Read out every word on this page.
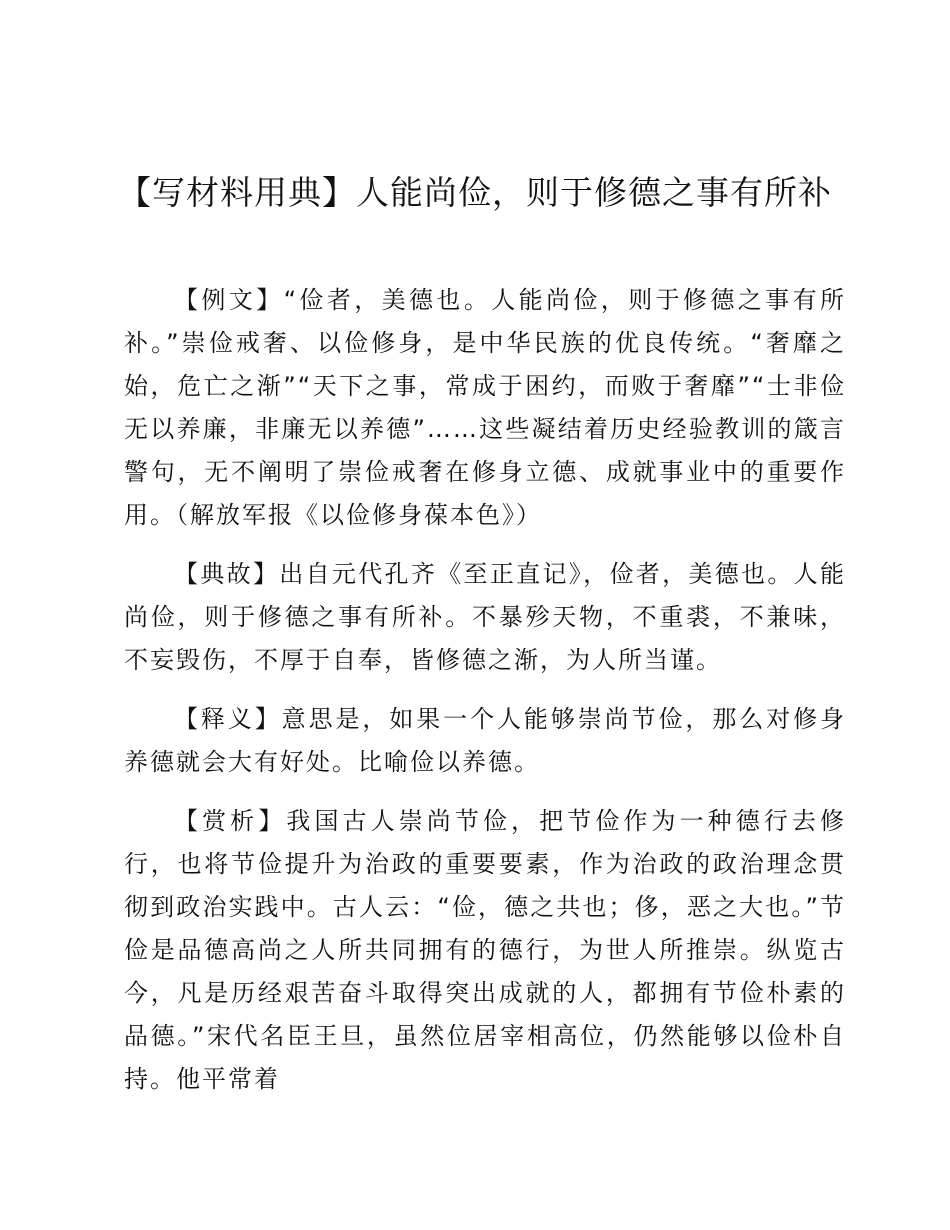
【写材料用典】人能尚俭，则于修德之事有所补

【例文】“俭者，美德也。人能尚俭，则于修德之事有所补。”崇俭戒奢、以俭修身，是中华民族的优良传统。“奢靡之始，危亡之渐”“天下之事，常成于困约，而败于奢靡”“士非俭无以养廉，非廉无以养德”……这些凝结着历史经验教训的箴言警句，无不阐明了崇俭戒奢在修身立德、成就事业中的重要作用。（解放军报《以俭修身葆本色》）

【典故】出自元代孔齐《至正直记》，俭者，美德也。人能尚俭，则于修德之事有所补。不暴殄天物，不重裘，不兼味，不妄毁伤，不厚于自奉，皆修德之渐，为人所当谨。

【释义】意思是，如果一个人能够崇尚节俭，那么对修身养德就会大有好处。比喻俭以养德。

【赏析】我国古人崇尚节俭，把节俭作为一种德行去修行，也将节俭提升为治政的重要要素，作为治政的政治理念贯彻到政治实践中。古人云：“俭，德之共也；侈，恶之大也。”节俭是品德高尚之人所共同拥有的德行，为世人所推崇。纵览古今，凡是历经艰苦奋斗取得突出成就的人，都拥有节俭朴素的品德。”宋代名臣王旦，虽然位居宰相高位，仍然能够以俭朴自持。他平常着
